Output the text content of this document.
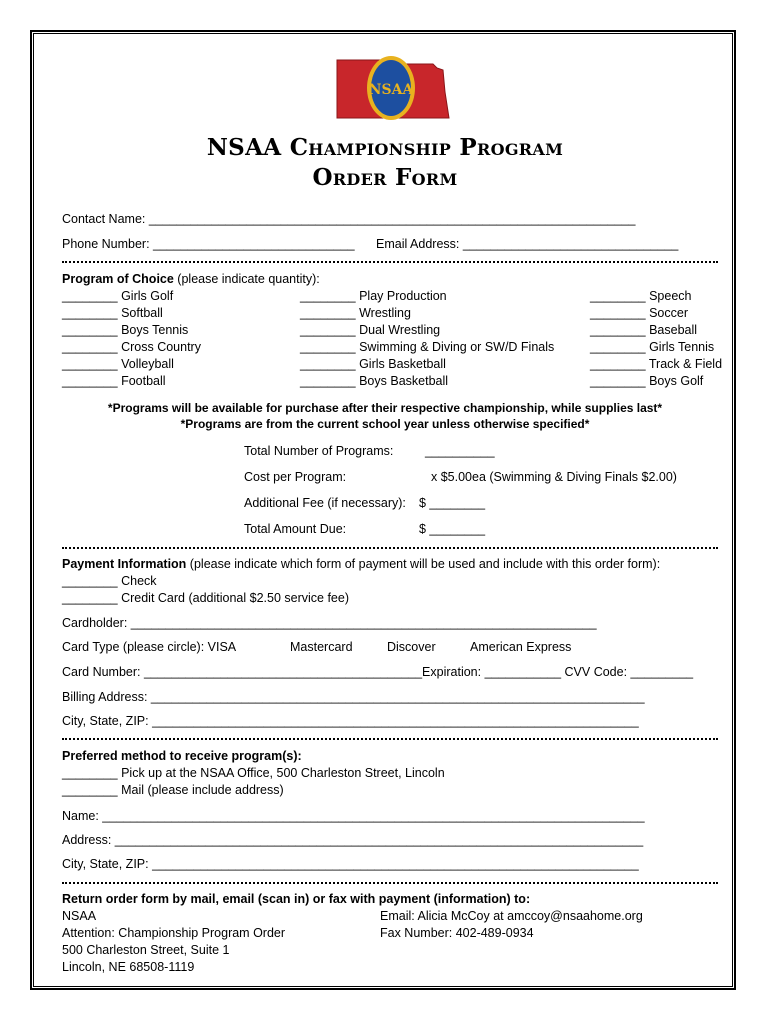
NSAA
NSAA Championship Program
Order Form
Contact Name: ______________________________________________________________________
Phone Number: _____________________________ Email Address: _______________________________
Program of Choice (please indicate quantity):
________ Girls Golf
________ Softball
________ Boys Tennis
________ Cross Country
________ Volleyball
________ Football
________ Play Production
________ Wrestling
________ Dual Wrestling
________ Swimming & Diving or SW/D Finals
________ Girls Basketball
________ Boys Basketball
________ Speech
________ Soccer
________ Baseball
________ Girls Tennis
________ Track & Field
________ Boys Golf
*Programs will be available for purchase after their respective championship, while supplies last*
*Programs are from the current school year unless otherwise specified*
Total Number of Programs:	__________
Cost per Program:	x $5.00ea (Swimming & Diving Finals $2.00)
Additional Fee (if necessary): $ ________
Total Amount Due:	$ ________
Payment Information (please indicate which form of payment will be used and include with this order form):
________ Check
________ Credit Card (additional $2.50 service fee)
Cardholder: ___________________________________________________________________
Card Type (please circle): VISA	Mastercard	Discover	American Express
Card Number: ________________________________________Expiration: ___________ CVV Code: _________
Billing Address: _______________________________________________________________________
City, State, ZIP: ______________________________________________________________________
Preferred method to receive program(s):
________ Pick up at the NSAA Office, 500 Charleston Street, Lincoln
________ Mail (please include address)
Name: ______________________________________________________________________________
Address: ____________________________________________________________________________
City, State, ZIP: ______________________________________________________________________
Return order form by mail, email (scan in) or fax with payment (information) to:
NSAA
Attention: Championship Program Order
500 Charleston Street, Suite 1
Lincoln, NE 68508-1119
Email: Alicia McCoy at amccoy@nsaahome.org
Fax Number: 402-489-0934
